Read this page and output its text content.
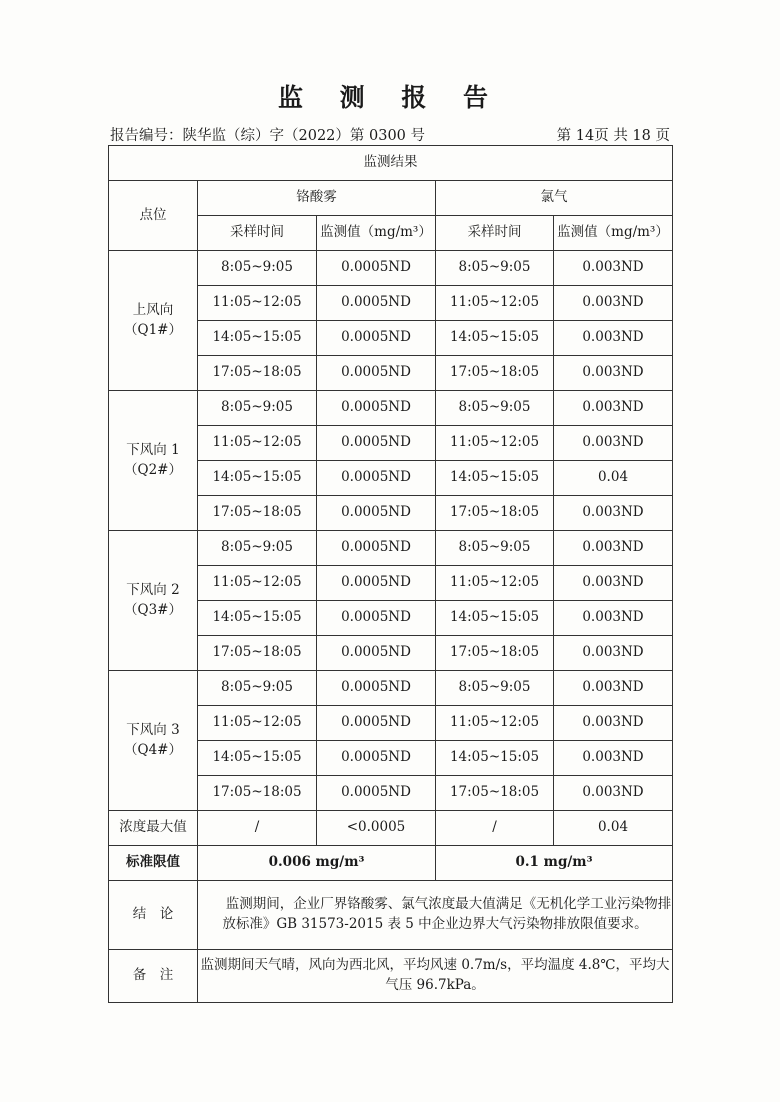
监 测 报 告
报告编号：陕华监（综）字（2022）第 0300 号	第 14页 共 18 页
监测结果				
点位	铬酸雾		氯气	
	采样时间	监测值（mg/m³）	采样时间	监测值（mg/m³）

上风向
（Q1#）	8:05~9:05	0.0005ND	8:05~9:05	0.003ND
	11:05~12:05	0.0005ND	11:05~12:05	0.003ND
	14:05~15:05	0.0005ND	14:05~15:05	0.003ND
	17:05~18:05	0.0005ND	17:05~18:05	0.003ND

下风向 1
（Q2#）	8:05~9:05	0.0005ND	8:05~9:05	0.003ND
	11:05~12:05	0.0005ND	11:05~12:05	0.003ND
	14:05~15:05	0.0005ND	14:05~15:05	0.04
	17:05~18:05	0.0005ND	17:05~18:05	0.003ND

下风向 2
（Q3#）	8:05~9:05	0.0005ND	8:05~9:05	0.003ND
	11:05~12:05	0.0005ND	11:05~12:05	0.003ND
	14:05~15:05	0.0005ND	14:05~15:05	0.003ND
	17:05~18:05	0.0005ND	17:05~18:05	0.003ND

下风向 3
（Q4#）	8:05~9:05	0.0005ND	8:05~9:05	0.003ND
	11:05~12:05	0.0005ND	11:05~12:05	0.003ND
	14:05~15:05	0.0005ND	14:05~15:05	0.003ND
	17:05~18:05	0.0005ND	17:05~18:05	0.003ND
浓度最大值	/	<0.0005	/	0.04
标准限值	0.006 mg/m³		0.1 mg/m³	
结　论	监测期间，企业厂界铬酸雾、氯气浓度最大值满足《无机化学工业污染物排放标准》GB 31573-2015 表 5 中企业边界大气污染物排放限值要求。			

备　注	监测期间天气晴，风向为西北风，平均风速 0.7m/s，平均温度 4.8℃，平均大气压 96.7kPa。			
